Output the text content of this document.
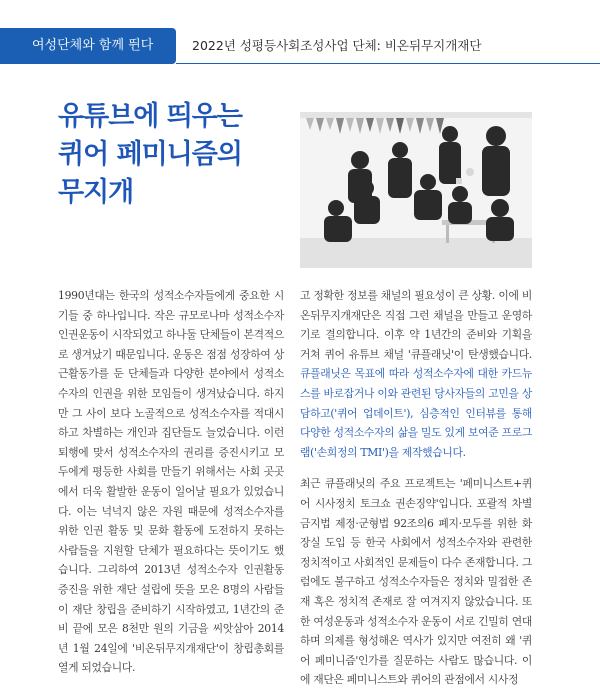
여성단체와 함께 뛴다	2022년 성평등사회조성사업 단체: 비온뒤무지개재단
유튜브에 띄우는
퀴어 페미니즘의
무지개

1990년대는 한국의 성적소수자들에게 중요한 시기들 중 하나입니다. 작은 규모로나마 성적소수자 인권운동이 시작되었고 하나둘 단체들이 본격적으로 생겨났기 때문입니다. 운동은 점점 성장하여 상근활동가를 둔 단체들과 다양한 분야에서 성적소수자의 인권을 위한 모임들이 생겨났습니다. 하지만 그 사이 보다 노골적으로 성적소수자를 적대시 하고 차별하는 개인과 집단들도 늘었습니다. 이런 퇴행에 맞서 성적소수자의 권리를 증진시키고 모두에게 평등한 사회를 만들기 위해서는 사회 곳곳에서 더욱 활발한 운동이 일어날 필요가 있었습니다. 이는 넉넉지 않은 자원 때문에 성적소수자를 위한 인권 활동 및 문화 활동에 도전하지 못하는 사람들을 지원할 단체가 필요하다는 뜻이기도 했습니다. 그리하여 2013년 성적소수자 인권활동 증진을 위한 재단 설립에 뜻을 모은 8명의 사람들이 재단 창립을 준비하기 시작하였고, 1년간의 준비 끝에 모은 8천만 원의 기금을 씨앗삼아 2014년 1월 24일에 '비온뒤무지개재단'이 창립총회를 열게 되었습니다.

고 정확한 정보를 채널의 필요성이 큰 상황. 이에 비온뒤무지개재단은 직접 그런 채널을 만들고 운영하기로 결의합니다. 이후 약 1년간의 준비와 기획을 거쳐 퀴어 유튜브 채널 '큐플래닛'이 탄생했습니다. 큐플래닛은 목표에 따라 성적소수자에 대한 카드뉴스를 바로잡거나 이와 관련된 당사자들의 고민을 상담하고('퀴어 업데이트'), 심층적인 인터뷰를 통해 다양한 성적소수자의 삶을 밀도 있게 보여준 프로그램('손희정의 TMI')을 제작했습니다.

최근 큐플래닛의 주요 프로젝트는 '페미니스트+퀴어 시사정치 토크쇼 권손징약'입니다. 포괄적 차별금지법 제정·군형법 92조의6 폐지·모두를 위한 화장실 도입 등 한국 사회에서 성적소수자와 관련한 정치적이고 사회적인 문제들이 다수 존재합니다. 그럼에도 불구하고 성적소수자들은 정치와 밀접한 존재 혹은 정치적 존재로 잘 여겨지지 않았습니다. 또한 여성운동과 성적소수자 운동이 서로 긴밀히 연대하며 의제를 형성해온 역사가 있지만 여전히 왜 '퀴어 페미니즘'인가를 질문하는 사람도 많습니다. 이에 재단은 페미니스트와 퀴어의 관점에서 시사정
